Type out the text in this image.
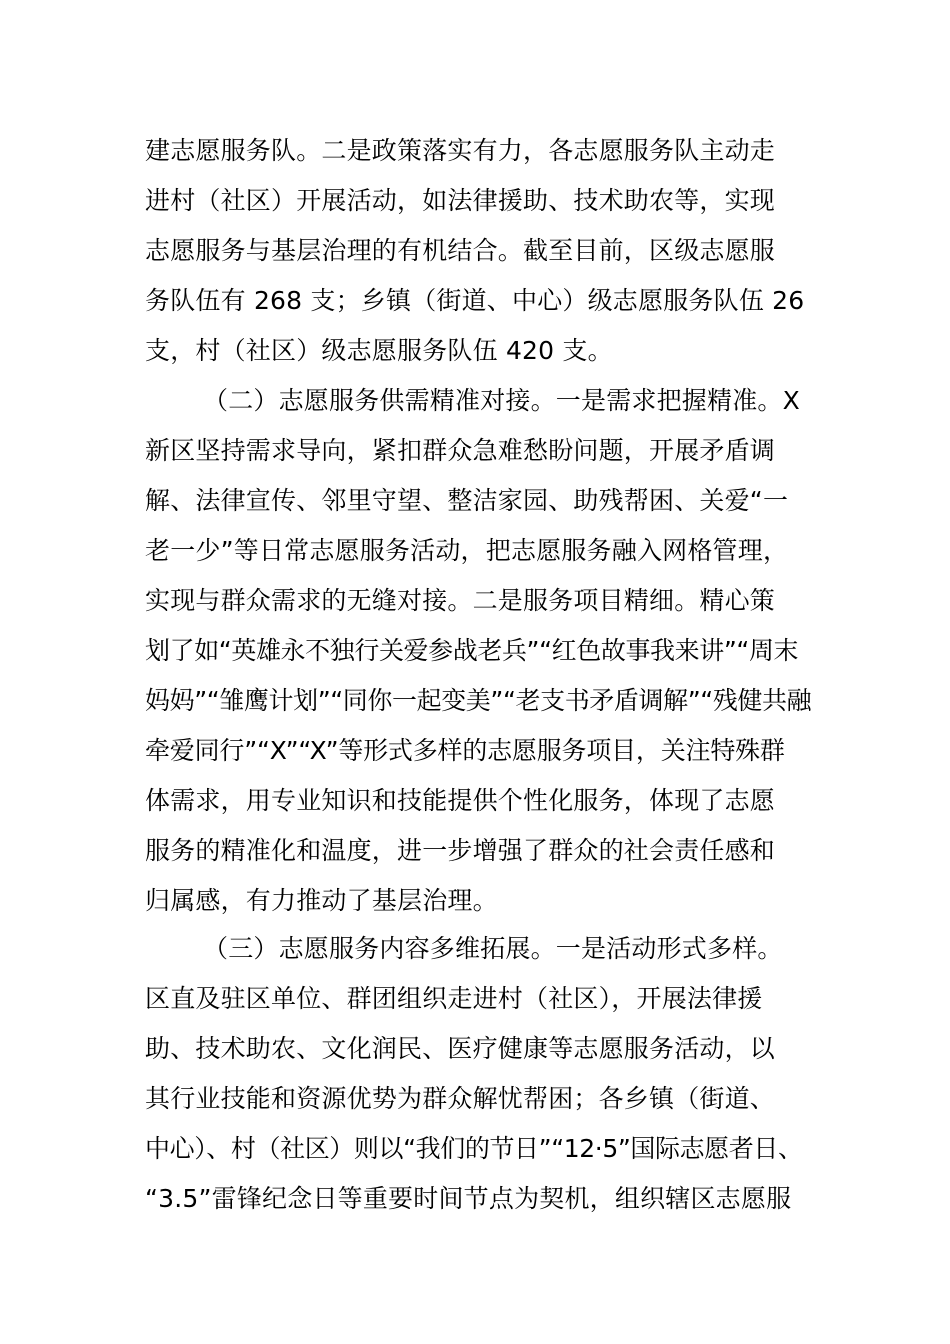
建志愿服务队。二是政策落实有力，各志愿服务队主动走
进村（社区）开展活动，如法律援助、技术助农等，实现
志愿服务与基层治理的有机结合。截至目前，区级志愿服
务队伍有 268 支；乡镇（街道、中心）级志愿服务队伍 26
支，村（社区）级志愿服务队伍 420 支。
（二）志愿服务供需精准对接。一是需求把握精准。X
新区坚持需求导向，紧扣群众急难愁盼问题，开展矛盾调
解、法律宣传、邻里守望、整洁家园、助残帮困、关爱“一
老一少”等日常志愿服务活动，把志愿服务融入网格管理，
实现与群众需求的无缝对接。二是服务项目精细。精心策
划了如“英雄永不独行关爱参战老兵”“红色故事我来讲”“周末
妈妈”“雏鹰计划”“同你一起变美”“老支书矛盾调解”“残健共融
牵爱同行”“X”“X”等形式多样的志愿服务项目，关注特殊群
体需求，用专业知识和技能提供个性化服务，体现了志愿
服务的精准化和温度，进一步增强了群众的社会责任感和
归属感，有力推动了基层治理。
（三）志愿服务内容多维拓展。一是活动形式多样。
区直及驻区单位、群团组织走进村（社区），开展法律援
助、技术助农、文化润民、医疗健康等志愿服务活动，以
其行业技能和资源优势为群众解忧帮困；各乡镇（街道、
中心）、村（社区）则以“我们的节日”“12·5”国际志愿者日、
“3.5”雷锋纪念日等重要时间节点为契机，组织辖区志愿服
